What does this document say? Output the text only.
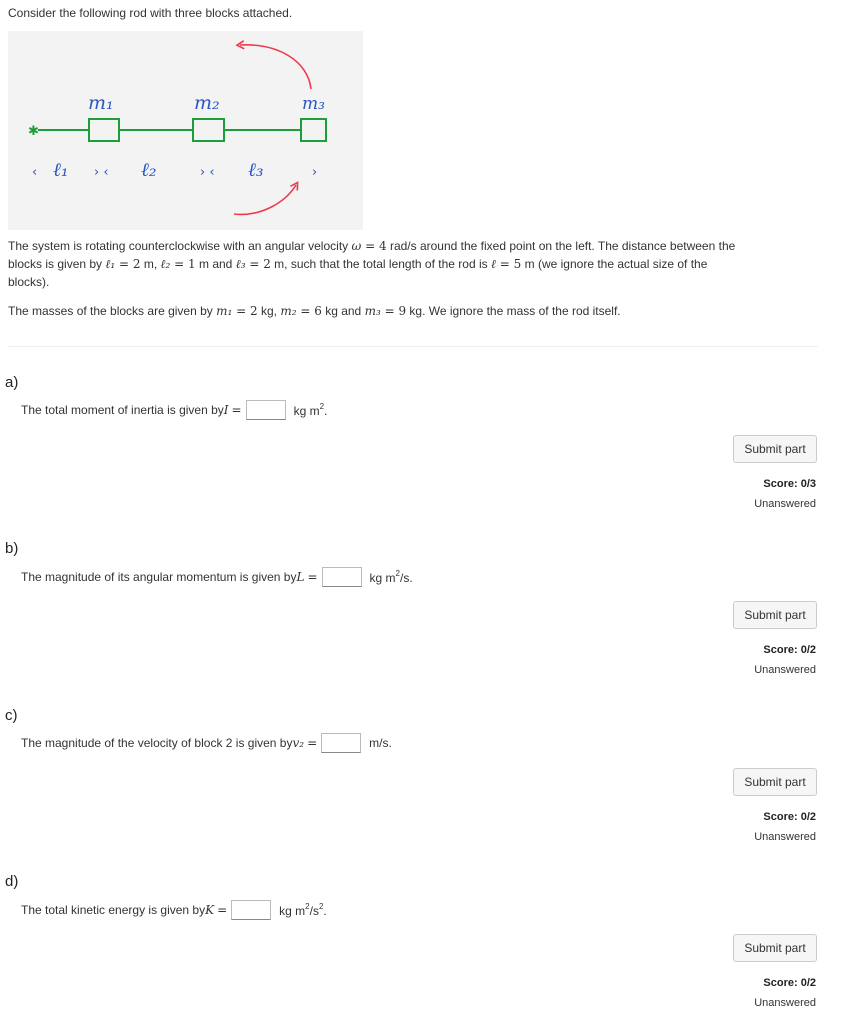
Consider the following rod with three blocks attached.
✱
m₁	m₂	m₃
‹ ℓ₁ › ‹ ℓ₂	› ‹ ℓ₃	›
The system is rotating counterclockwise with an angular velocity ω = 4 rad/s around the fixed point on the left. The distance between the
blocks is given by ℓ₁ = 2 m, ℓ₂ = 1 m and ℓ₃ = 2 m, such that the total length of the rod is ℓ = 5 m (we ignore the actual size of the
blocks).
The masses of the blocks are given by m₁ = 2 kg, m₂ = 6 kg and m₃ = 9 kg. We ignore the mass of the rod itself.
a)
The total moment of inertia is given by I =	kg $m^2$.
Submit part
Score: 0/3
Unanswered
b)
The magnitude of its angular momentum is given by L =	kg $m^2/s$.
Submit part
Score: 0/2
Unanswered
c)
The magnitude of the velocity of block 2 is given by v₂ =	m/s.
Submit part
Score: 0/2
Unanswered
d)
The total kinetic energy is given by K =	kg $m^2/s^2$.
Submit part
Score: 0/2
Unanswered
